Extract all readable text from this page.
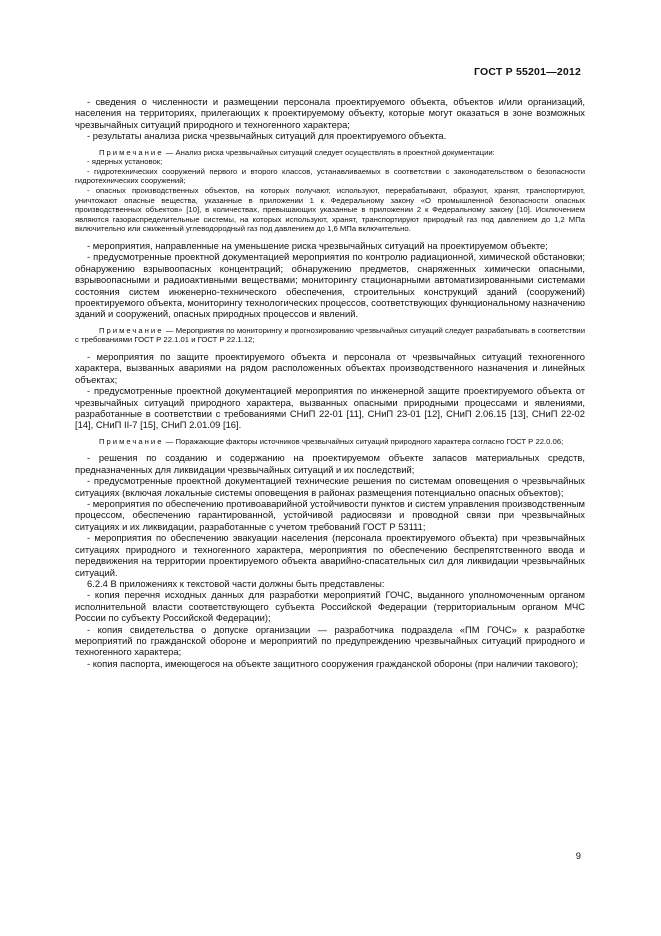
ГОСТ Р 55201—2012

- сведения о численности и размещении персонала проектируемого объекта, объектов и/или организаций, населения на территориях, прилегающих к проектируемому объекту, которые могут оказаться в зоне возможных чрезвычайных ситуаций природного и техногенного характера;

- результаты анализа риска чрезвычайных ситуаций для проектируемого объекта.

Примечание — Анализ риска чрезвычайных ситуаций следует осуществлять в проектной документации:

- ядерных установок;

- гидротехнических сооружений первого и второго классов, устанавливаемых в соответствии с законодательством о безопасности гидротехнических сооружений;

- опасных производственных объектов, на которых получают, используют, перерабатывают, образуют, хранят, транспортируют, уничтожают опасные вещества, указанные в приложении 1 к Федеральному закону «О промышленной безопасности опасных производственных объектов» [10], в количествах, превышающих указанные в приложении 2 к Федеральному закону [10]. Исключением являются газораспределительные системы, на которых используют, хранят, транспортируют природный газ под давлением до 1,2 МПа включительно или сжиженный углеводородный газ под давлением до 1,6 МПа включительно.

- мероприятия, направленные на уменьшение риска чрезвычайных ситуаций на проектируемом объекте;

- предусмотренные проектной документацией мероприятия по контролю радиационной, химической обстановки; обнаружению взрывоопасных концентраций; обнаружению предметов, снаряженных химически опасными, взрывоопасными и радиоактивными веществами; мониторингу стационарными автоматизированными системами состояния систем инженерно-технического обеспечения, строительных конструкций зданий (сооружений) проектируемого объекта, мониторингу технологических процессов, соответствующих функциональному назначению зданий и сооружений, опасных природных процессов и явлений.

Примечание — Мероприятия по мониторингу и прогнозированию чрезвычайных ситуаций следует разрабатывать в соответствии с требованиями ГОСТ Р 22.1.01 и ГОСТ Р 22.1.12;

- мероприятия по защите проектируемого объекта и персонала от чрезвычайных ситуаций техногенного характера, вызванных авариями на рядом расположенных объектах производственного назначения и линейных объектах;

- предусмотренные проектной документацией мероприятия по инженерной защите проектируемого объекта от чрезвычайных ситуаций природного характера, вызванных опасными природными процессами и явлениями, разработанные в соответствии с требованиями СНиП 22-01 [11], СНиП 23-01 [12], СНиП 2.06.15 [13], СНиП 22-02 [14], СНиП II-7 [15], СНиП 2.01.09 [16].

Примечание — Поражающие факторы источников чрезвычайных ситуаций природного характера согласно ГОСТ Р 22.0.06;

- решения по созданию и содержанию на проектируемом объекте запасов материальных средств, предназначенных для ликвидации чрезвычайных ситуаций и их последствий;

- предусмотренные проектной документацией технические решения по системам оповещения о чрезвычайных ситуациях (включая локальные системы оповещения в районах размещения потенциально опасных объектов);

- мероприятия по обеспечению противоаварийной устойчивости пунктов и систем управления производственным процессом, обеспечению гарантированной, устойчивой радиосвязи и проводной связи при чрезвычайных ситуациях и их ликвидации, разработанные с учетом требований ГОСТ Р 53111;

- мероприятия по обеспечению эвакуации населения (персонала проектируемого объекта) при чрезвычайных ситуациях природного и техногенного характера, мероприятия по обеспечению беспрепятственного ввода и передвижения на территории проектируемого объекта аварийно-спасательных сил для ликвидации чрезвычайных ситуаций.

6.2.4 В приложениях к текстовой части должны быть представлены:

- копия перечня исходных данных для разработки мероприятий ГОЧС, выданного уполномоченным органом исполнительной власти соответствующего субъекта Российской Федерации (территориальным органом МЧС России по субъекту Российской Федерации);

- копия свидетельства о допуске организации — разработчика подраздела «ПМ ГОЧС» к разработке мероприятий по гражданской обороне и мероприятий по предупреждению чрезвычайных ситуаций природного и техногенного характера;

- копия паспорта, имеющегося на объекте защитного сооружения гражданской обороны (при наличии такового);

9
